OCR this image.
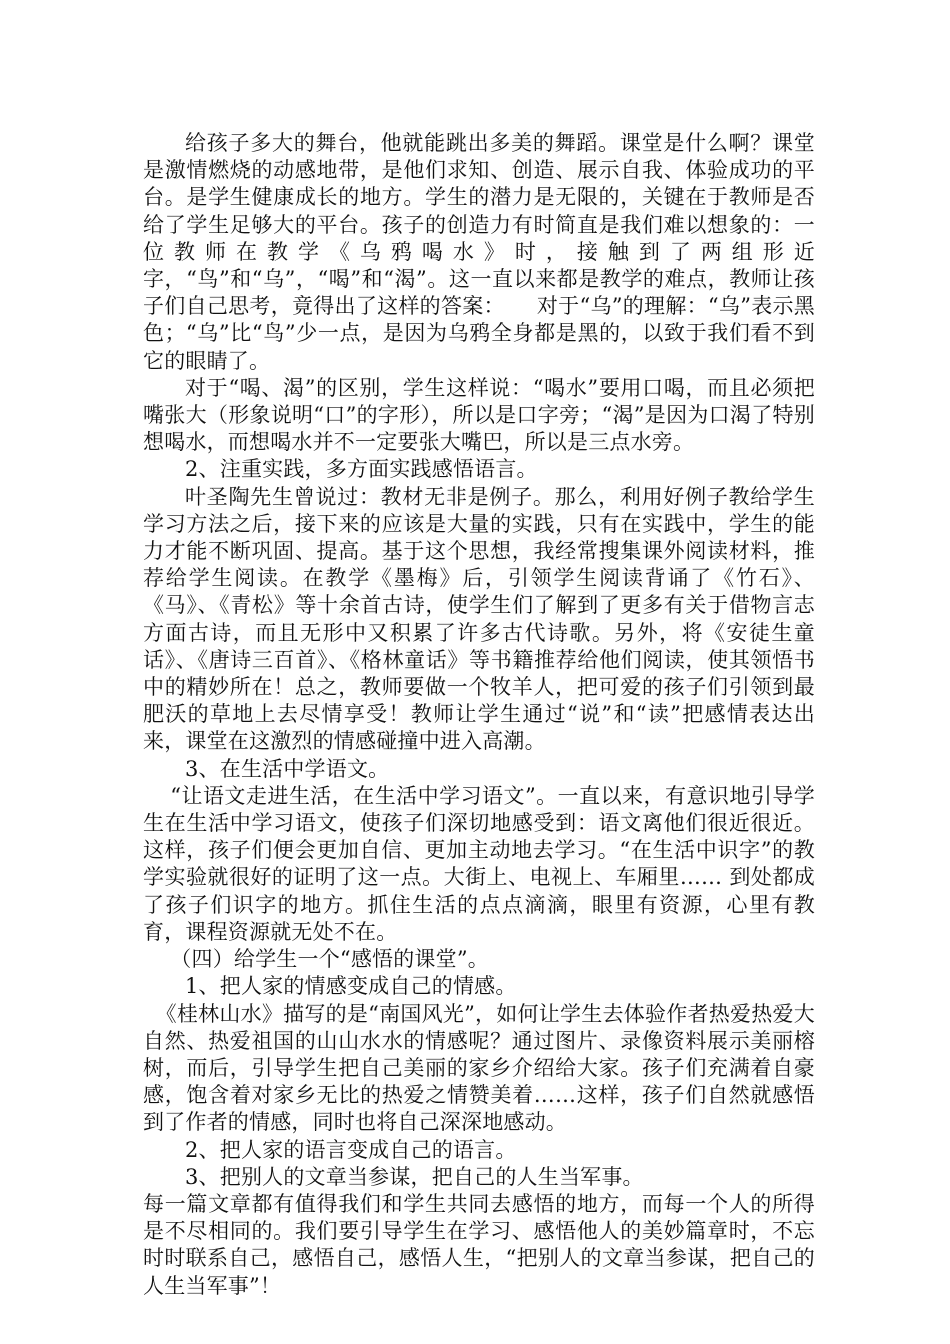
给孩子多大的舞台，他就能跳出多美的舞蹈。课堂是什么啊？课堂是激情燃烧的动感地带，是他们求知、创造、展示自我、体验成功的平台。是学生健康成长的地方。学生的潜力是无限的，关键在于教师是否给了学生足够大的平台。孩子的创造力有时简直是我们难以想象的：一位教师在教学《乌鸦喝水》时，接触到了两组形近字，“鸟”和“乌”，“喝”和“渴”。这一直以来都是教学的难点，教师让孩子们自己思考，竟得出了这样的答案：　　对于“乌”的理解：“乌”表示黑色；“乌”比“鸟”少一点，是因为乌鸦全身都是黑的，以致于我们看不到它的眼睛了。

对于“喝、渴”的区别，学生这样说：“喝水”要用口喝，而且必须把嘴张大（形象说明“口”的字形），所以是口字旁；“渴”是因为口渴了特别想喝水，而想喝水并不一定要张大嘴巴，所以是三点水旁。

2、注重实践，多方面实践感悟语言。

叶圣陶先生曾说过：教材无非是例子。那么，利用好例子教给学生学习方法之后，接下来的应该是大量的实践，只有在实践中，学生的能力才能不断巩固、提高。基于这个思想，我经常搜集课外阅读材料，推荐给学生阅读。在教学《墨梅》后，引领学生阅读背诵了《竹石》、《马》、《青松》等十余首古诗，使学生们了解到了更多有关于借物言志方面古诗，而且无形中又积累了许多古代诗歌。另外，将《安徒生童话》、《唐诗三百首》、《格林童话》等书籍推荐给他们阅读，使其领悟书中的精妙所在！总之，教师要做一个牧羊人，把可爱的孩子们引领到最肥沃的草地上去尽情享受！教师让学生通过“说”和“读”把感情表达出来，课堂在这激烈的情感碰撞中进入高潮。

3、在生活中学语文。

“让语文走进生活，在生活中学习语文”。一直以来，有意识地引导学生在生活中学习语文，使孩子们深切地感受到：语文离他们很近很近。这样，孩子们便会更加自信、更加主动地去学习。“在生活中识字”的教学实验就很好的证明了这一点。大街上、电视上、车厢里…… 到处都成了孩子们识字的地方。抓住生活的点点滴滴，眼里有资源，心里有教育，课程资源就无处不在。

（四）给学生一个“感悟的课堂”。

1、把人家的情感变成自己的情感。

《桂林山水》描写的是“南国风光”，如何让学生去体验作者热爱热爱大自然、热爱祖国的山山水水的情感呢？通过图片、录像资料展示美丽榕树，而后，引导学生把自己美丽的家乡介绍给大家。孩子们充满着自豪感，饱含着对家乡无比的热爱之情赞美着……这样，孩子们自然就感悟到了作者的情感，同时也将自己深深地感动。

2、把人家的语言变成自己的语言。

3、把别人的文章当参谋，把自己的人生当军事。

每一篇文章都有值得我们和学生共同去感悟的地方，而每一个人的所得是不尽相同的。我们要引导学生在学习、感悟他人的美妙篇章时，不忘时时联系自己，感悟自己，感悟人生，“把别人的文章当参谋，把自己的人生当军事”！
